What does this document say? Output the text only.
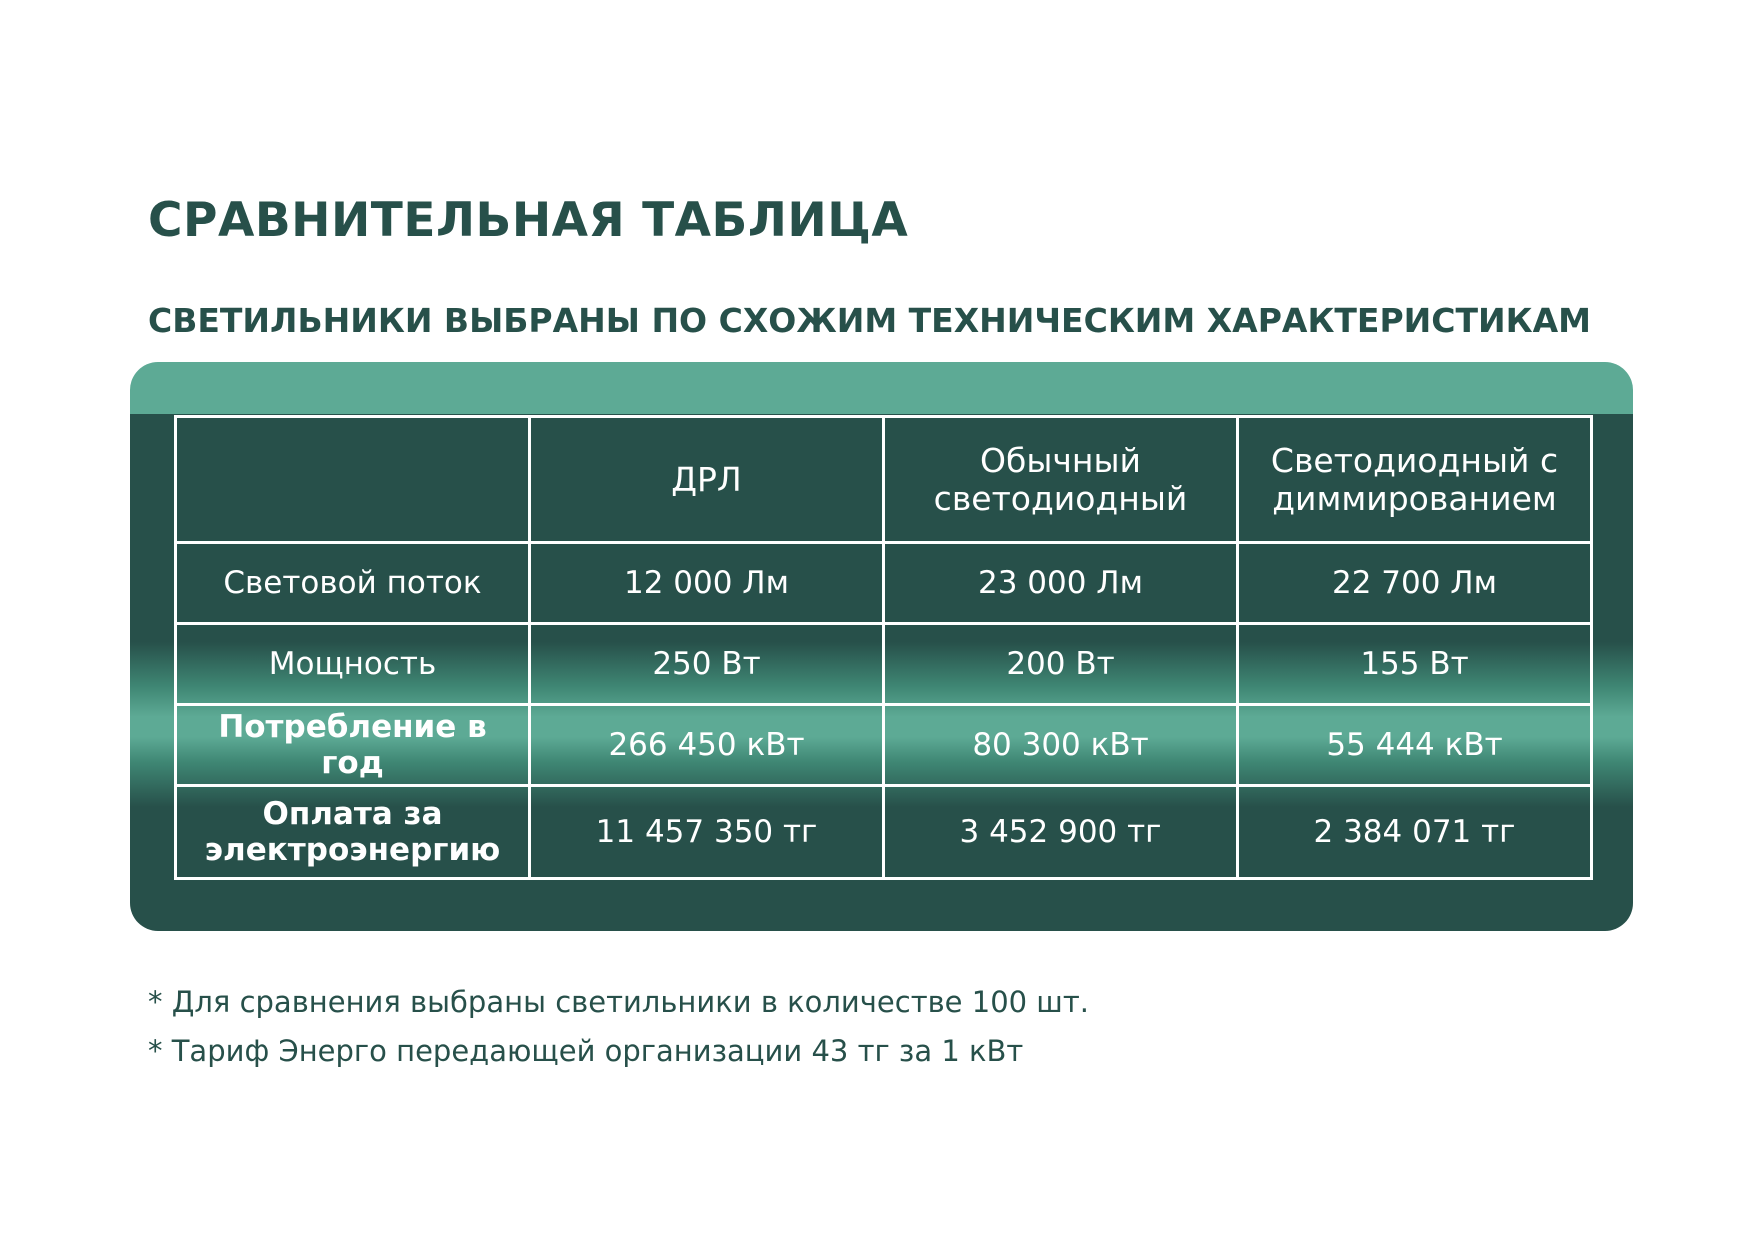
СРАВНИТЕЛЬНАЯ ТАБЛИЦА
СВЕТИЛЬНИКИ ВЫБРАНЫ ПО СХОЖИМ ТЕХНИЧЕСКИМ ХАРАКТЕРИСТИКАМ
	ДРЛ	Обычный светодиодный	Светодиодный с диммированием
Световой поток	12 000 Лм	23 000 Лм	22 700 Лм
Мощность	250 Вт	200 Вт	155 Вт
Потребление в год	266 450 кВт	80 300 кВт	55 444 кВт
Оплата за электроэнергию	11 457 350 тг	3 452 900 тг	2 384 071 тг
* Для сравнения выбраны светильники в количестве 100 шт.
* Тариф Энерго передающей организации 43 тг за 1 кВт
